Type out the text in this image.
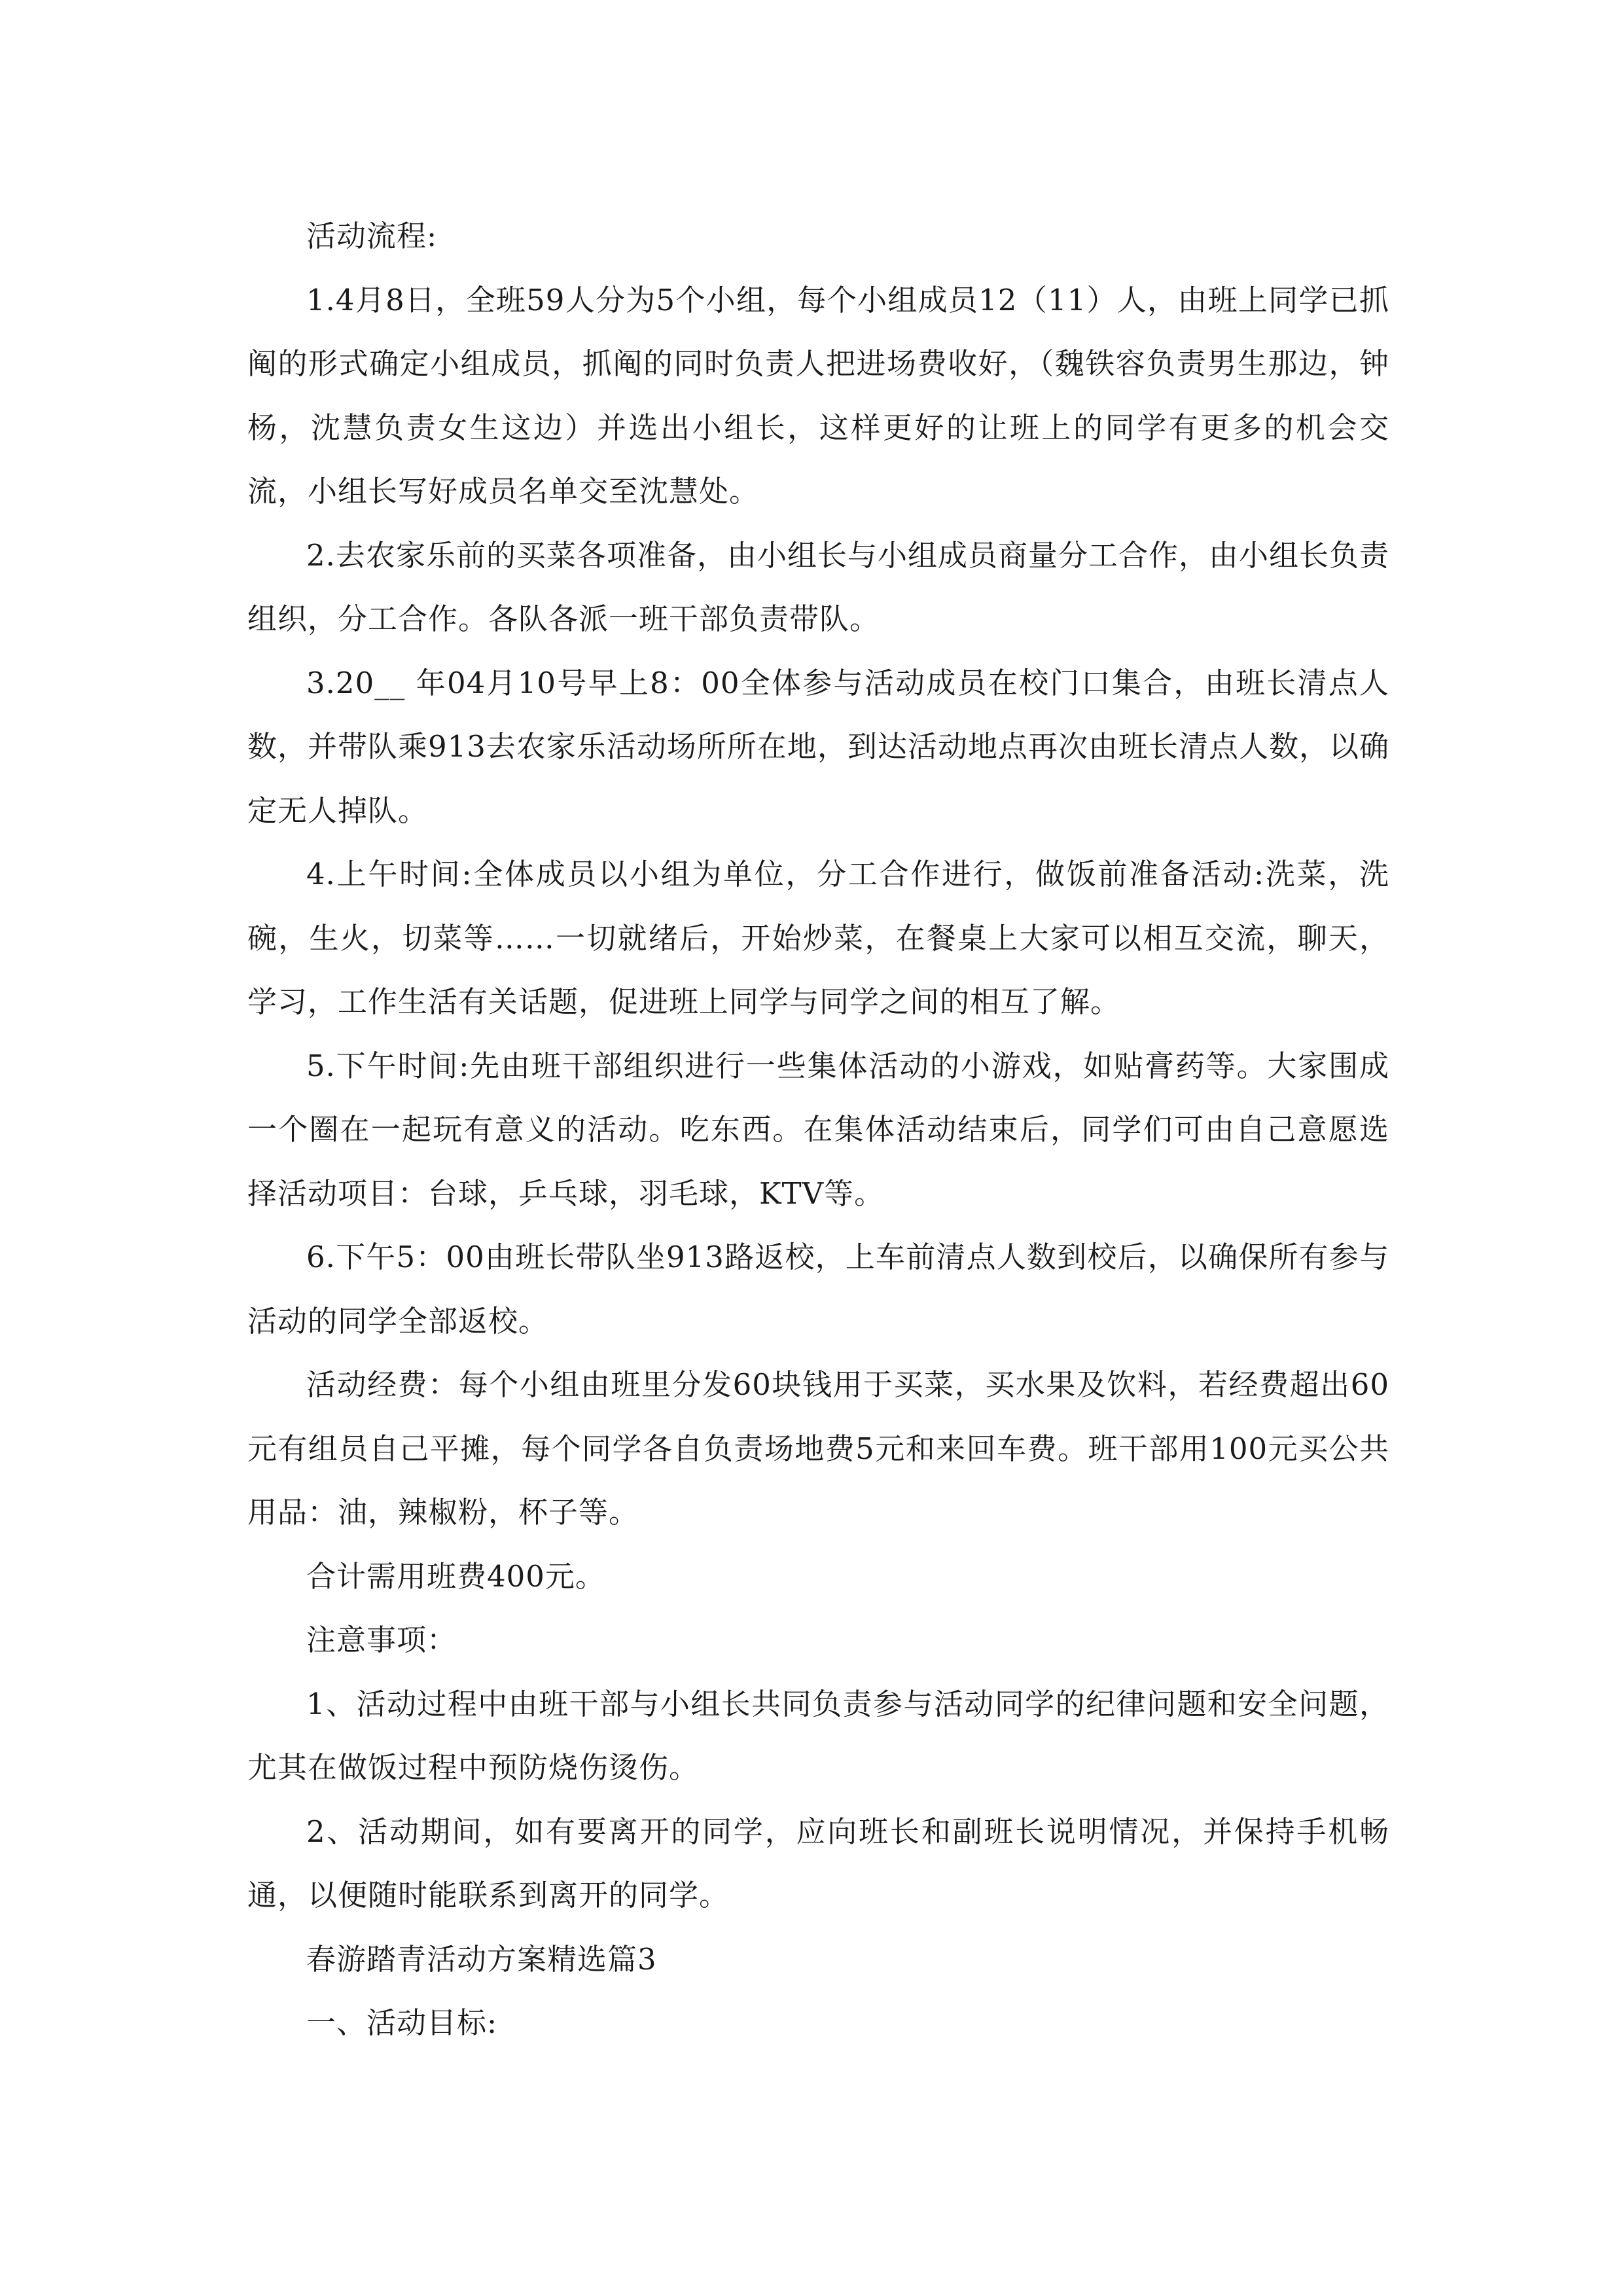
活动流程:

1.4月8日，全班59人分为5个小组，每个小组成员12（11）人，由班上同学已抓阄的形式确定小组成员，抓阄的同时负责人把进场费收好，（魏铁容负责男生那边，钟杨，沈慧负责女生这边）并选出小组长，这样更好的让班上的同学有更多的机会交流，小组长写好成员名单交至沈慧处。

2.去农家乐前的买菜各项准备，由小组长与小组成员商量分工合作，由小组长负责组织，分工合作。各队各派一班干部负责带队。

3.20__ 年04月10号早上8：00全体参与活动成员在校门口集合，由班长清点人数，并带队乘913去农家乐活动场所所在地，到达活动地点再次由班长清点人数，以确定无人掉队。

4.上午时间:全体成员以小组为单位，分工合作进行，做饭前准备活动:洗菜，洗碗，生火，切菜等……一切就绪后，开始炒菜，在餐桌上大家可以相互交流，聊天，学习，工作生活有关话题，促进班上同学与同学之间的相互了解。

5.下午时间:先由班干部组织进行一些集体活动的小游戏，如贴膏药等。大家围成一个圈在一起玩有意义的活动。吃东西。在集体活动结束后，同学们可由自己意愿选择活动项目：台球，乒乓球，羽毛球，KTV等。

6.下午5：00由班长带队坐913路返校，上车前清点人数到校后，以确保所有参与活动的同学全部返校。

活动经费：每个小组由班里分发60块钱用于买菜，买水果及饮料，若经费超出60元有组员自己平摊，每个同学各自负责场地费5元和来回车费。班干部用100元买公共用品：油，辣椒粉，杯子等。

合计需用班费400元。

注意事项：

1、活动过程中由班干部与小组长共同负责参与活动同学的纪律问题和安全问题，尤其在做饭过程中预防烧伤烫伤。

2、活动期间，如有要离开的同学，应向班长和副班长说明情况，并保持手机畅通，以便随时能联系到离开的同学。

春游踏青活动方案精选篇3

一、活动目标:
